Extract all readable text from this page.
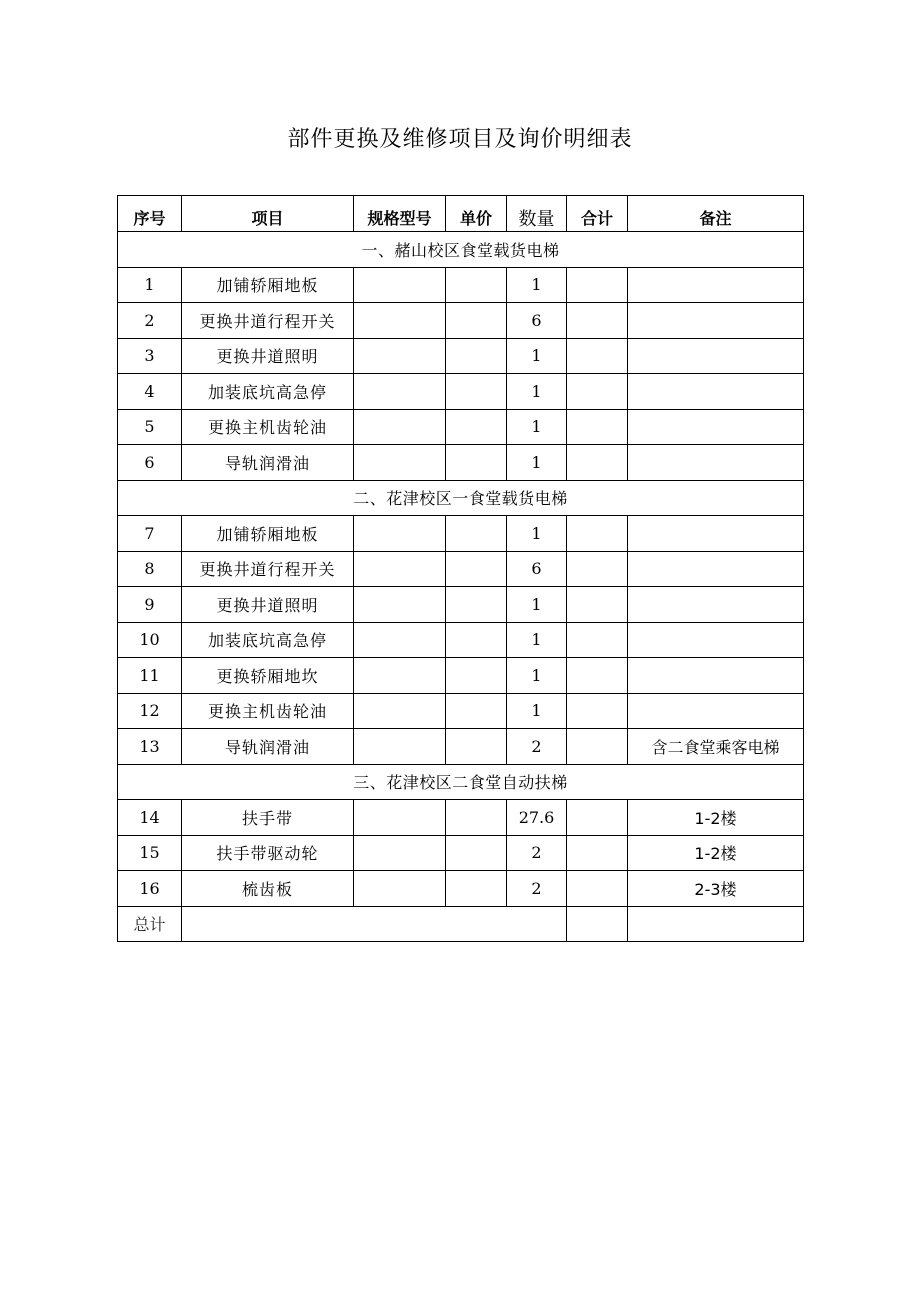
部件更换及维修项目及询价明细表
序号	项目	规格型号	单价	数量	合计	备注
一、赭山校区食堂载货电梯						
1	加铺轿厢地板			1		
2	更换井道行程开关			6		
3	更换井道照明			1		
4	加装底坑高急停			1		
5	更换主机齿轮油			1		
6	导轨润滑油			1		
二、花津校区一食堂载货电梯						
7	加铺轿厢地板			1		
8	更换井道行程开关			6		
9	更换井道照明			1		
10	加装底坑高急停			1		
11	更换轿厢地坎			1		
12	更换主机齿轮油			1		
13	导轨润滑油			2		含二食堂乘客电梯
三、花津校区二食堂自动扶梯						
14	扶手带			27.6		1-2楼
15	扶手带驱动轮			2		1-2楼
16	梳齿板			2		2-3楼
总计						
